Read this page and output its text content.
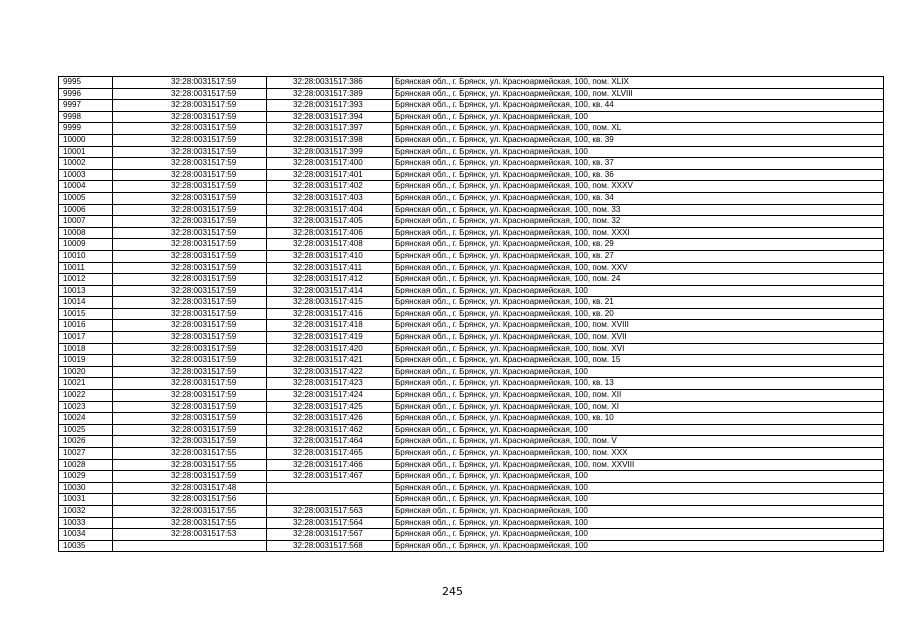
9995	32:28:0031517:59	32:28:0031517:386	Брянская обл., г. Брянск, ул. Красноармейская, 100, пом. XLIX
9996	32:28:0031517:59	32:28:0031517:389	Брянская обл., г. Брянск, ул. Красноармейская, 100, пом. XLVIII
9997	32:28:0031517:59	32:28:0031517:393	Брянская обл., г. Брянск, ул. Красноармейская, 100, кв. 44
9998	32:28:0031517:59	32:28:0031517:394	Брянская обл., г. Брянск, ул. Красноармейская, 100
9999	32:28:0031517:59	32:28:0031517:397	Брянская обл., г. Брянск, ул. Красноармейская, 100, пом. XL
10000	32:28:0031517:59	32:28:0031517:398	Брянская обл., г. Брянск, ул. Красноармейская, 100, кв. 39
10001	32:28:0031517:59	32:28:0031517:399	Брянская обл., г. Брянск, ул. Красноармейская, 100
10002	32:28:0031517:59	32:28:0031517:400	Брянская обл., г. Брянск, ул. Красноармейская, 100, кв. 37
10003	32:28:0031517:59	32:28:0031517:401	Брянская обл., г. Брянск, ул. Красноармейская, 100, кв. 36
10004	32:28:0031517:59	32:28:0031517:402	Брянская обл., г. Брянск, ул. Красноармейская, 100, пом. XXXV
10005	32:28:0031517:59	32:28:0031517:403	Брянская обл., г. Брянск, ул. Красноармейская, 100, кв. 34
10006	32:28:0031517:59	32:28:0031517:404	Брянская обл., г. Брянск, ул. Красноармейская, 100, пом. 33
10007	32:28:0031517:59	32:28:0031517:405	Брянская обл., г. Брянск, ул. Красноармейская, 100, пом. 32
10008	32:28:0031517:59	32:28:0031517:406	Брянская обл., г. Брянск, ул. Красноармейская, 100, пом. XXXI
10009	32:28:0031517:59	32:28:0031517:408	Брянская обл., г. Брянск, ул. Красноармейская, 100, кв. 29
10010	32:28:0031517:59	32:28:0031517:410	Брянская обл., г. Брянск, ул. Красноармейская, 100, кв. 27
10011	32:28:0031517:59	32:28:0031517:411	Брянская обл., г. Брянск, ул. Красноармейская, 100, пом. XXV
10012	32:28:0031517:59	32:28:0031517:412	Брянская обл., г. Брянск, ул. Красноармейская, 100, пом. 24
10013	32:28:0031517:59	32:28:0031517:414	Брянская обл., г. Брянск, ул. Красноармейская, 100
10014	32:28:0031517:59	32:28:0031517:415	Брянская обл., г. Брянск, ул. Красноармейская, 100, кв. 21
10015	32:28:0031517:59	32:28:0031517:416	Брянская обл., г. Брянск, ул. Красноармейская, 100, кв. 20
10016	32:28:0031517:59	32:28:0031517:418	Брянская обл., г. Брянск, ул. Красноармейская, 100, пом. XVIII
10017	32:28:0031517:59	32:28:0031517:419	Брянская обл., г. Брянск, ул. Красноармейская, 100, пом. XVII
10018	32:28:0031517:59	32:28:0031517:420	Брянская обл., г. Брянск, ул. Красноармейская, 100, пом. XVI
10019	32:28:0031517:59	32:28:0031517:421	Брянская обл., г. Брянск, ул. Красноармейская, 100, пом. 15
10020	32:28:0031517:59	32:28:0031517:422	Брянская обл., г. Брянск, ул. Красноармейская, 100
10021	32:28:0031517:59	32:28:0031517:423	Брянская обл., г. Брянск, ул. Красноармейская, 100, кв. 13
10022	32:28:0031517:59	32:28:0031517:424	Брянская обл., г. Брянск, ул. Красноармейская, 100, пом. XII
10023	32:28:0031517:59	32:28:0031517:425	Брянская обл., г. Брянск, ул. Красноармейская, 100, пом. XI
10024	32:28:0031517:59	32:28:0031517:426	Брянская обл., г. Брянск, ул. Красноармейская, 100, кв. 10
10025	32:28:0031517:59	32:28:0031517:462	Брянская обл., г. Брянск, ул. Красноармейская, 100
10026	32:28:0031517:59	32:28:0031517:464	Брянская обл., г. Брянск, ул. Красноармейская, 100, пом. V
10027	32:28:0031517:55	32:28:0031517:465	Брянская обл., г. Брянск, ул. Красноармейская, 100, пом. XXX
10028	32:28:0031517:55	32:28:0031517:466	Брянская обл., г. Брянск, ул. Красноармейская, 100, пом. XXVIII
10029	32:28:0031517:59	32:28:0031517:467	Брянская обл., г. Брянск, ул. Красноармейская, 100
10030	32:28:0031517:48		Брянская обл., г. Брянск, ул. Красноармейская, 100
10031	32:28:0031517:56		Брянская обл., г. Брянск, ул. Красноармейская, 100
10032	32:28:0031517:55	32:28:0031517:563	Брянская обл., г. Брянск, ул. Красноармейская, 100
10033	32:28:0031517:55	32:28:0031517:564	Брянская обл., г. Брянск, ул. Красноармейская, 100
10034	32:28:0031517:53	32:28:0031517:567	Брянская обл., г. Брянск, ул. Красноармейская, 100
10035		32:28:0031517:568	Брянская обл., г. Брянск, ул. Красноармейская, 100
245
